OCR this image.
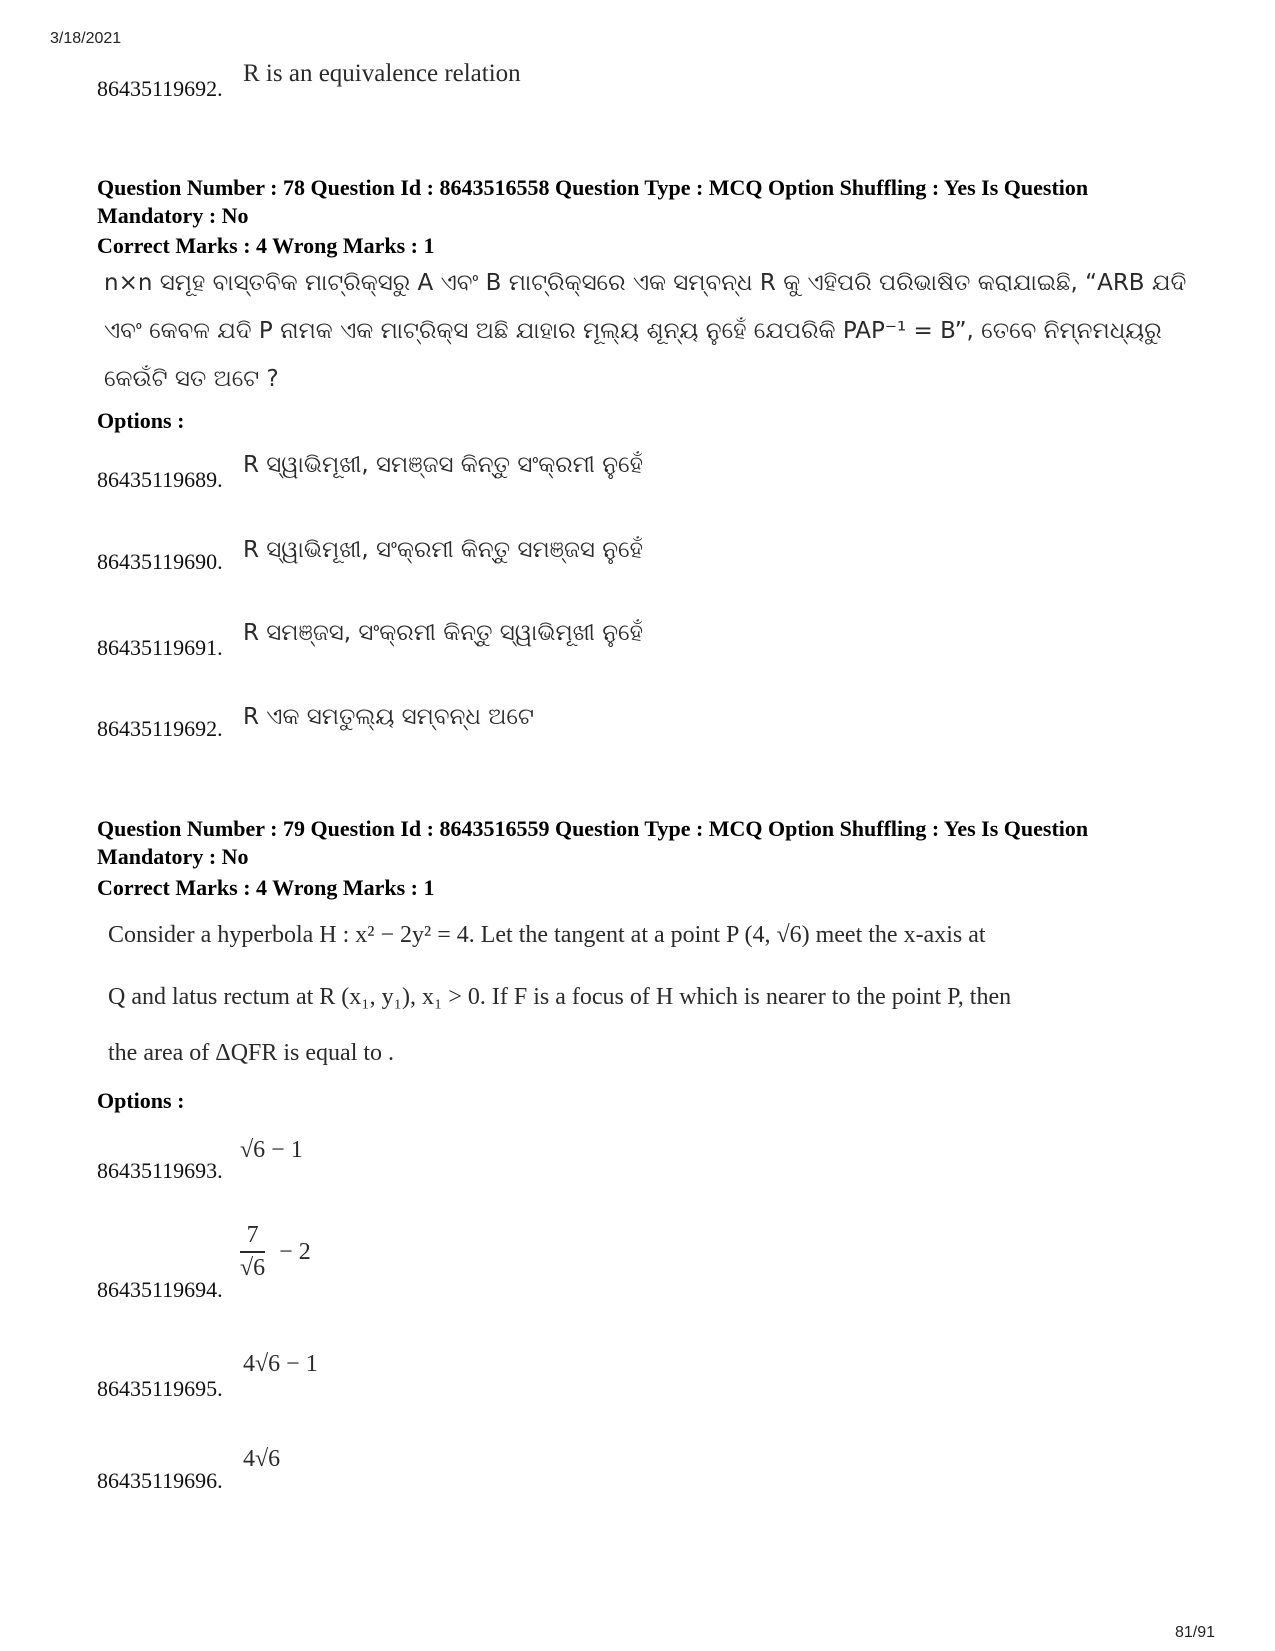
3/18/2021
86435119692.
R is an equivalence relation
Question Number : 78 Question Id : 8643516558 Question Type : MCQ Option Shuffling : Yes Is Question Mandatory : No
Correct Marks : 4 Wrong Marks : 1
n×n ସମୂହ ବାସ୍ତବିକ ମାଟ୍ରିକ୍ସରୁ A ଏବଂ B ମାଟ୍ରିକ୍ସରେ ଏକ ସମ୍ବନ୍ଧ R କୁ ଏହିପରି ପରିଭାଷିତ କରାଯାଇଛି, “ARB ଯଦି
ଏବଂ କେବଳ ଯଦି P ନାମକ ଏକ ମାଟ୍ରିକ୍ସ ଅଛି ଯାହାର ମୂଲ୍ୟ ଶୂନ୍ୟ ନୁହେଁ ଯେପରିକି PAP⁻¹ = B”, ତେବେ ନିମ୍ନମଧ୍ୟରୁ
କେଉଁଟି ସତ ଅଟେ ?
Options :
86435119689.
R ସ୍ୱାଭିମୂଖୀ, ସମଞ୍ଜସ କିନ୍ତୁ ସଂକ୍ରମୀ ନୁହେଁ
86435119690. R ସ୍ୱାଭିମୂଖୀ, ସଂକ୍ରମୀ କିନ୍ତୁ ସମଞ୍ଜସ ନୁହେଁ
86435119691.
R ସମଞ୍ଜସ, ସଂକ୍ରମୀ କିନ୍ତୁ ସ୍ୱାଭିମୂଖୀ ନୁହେଁ
86435119692. R ଏକ ସମତୁଲ୍ୟ ସମ୍ବନ୍ଧ ଅଟେ
Question Number : 79 Question Id : 8643516559 Question Type : MCQ Option Shuffling : Yes Is Question Mandatory : No
Correct Marks : 4 Wrong Marks : 1
Consider a hyperbola H : x² − 2y² = 4. Let the tangent at a point P (4, √6) meet the x-axis at
Q and latus rectum at R (x₁, y₁), x₁ > 0. If F is a focus of H which is nearer to the point P, then
the area of ΔQFR is equal to .
Options :
86435119693.
√6 − 1
86435119694.
$\frac{7}{√6} - 2$
86435119695.
4√6 − 1
86435119696.
4√6
81/91
